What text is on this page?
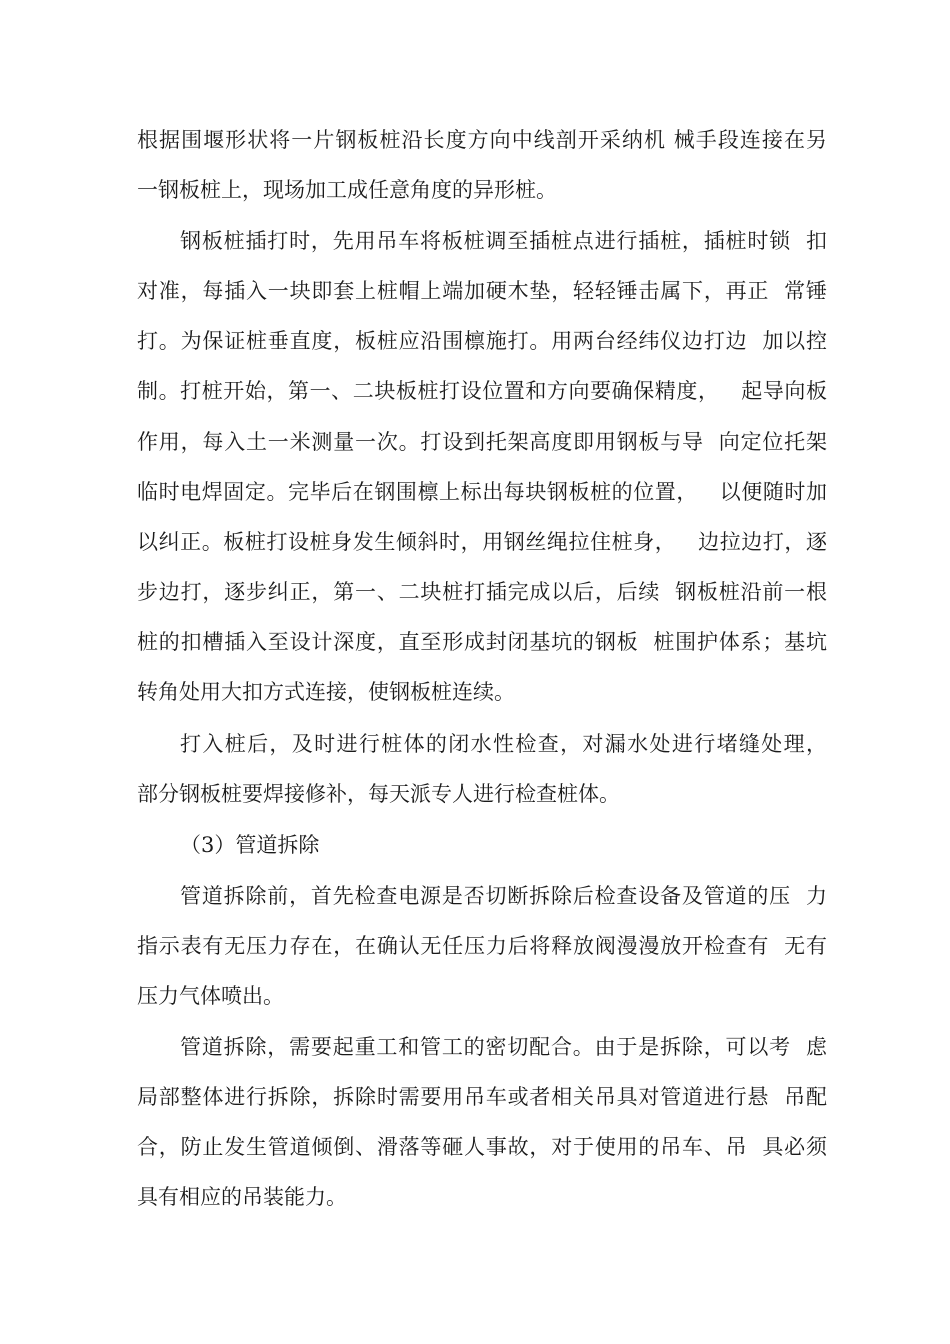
根据围堰形状将一片钢板桩沿长度方向中线剖开采纳机 械手段连接在另
一钢板桩上，现场加工成任意角度的异形桩。
钢板桩插打时，先用吊车将板桩调至插桩点进行插桩，插桩时锁  扣
对准，每插入一块即套上桩帽上端加硬木垫，轻轻锤击属下，再正  常锤
打。为保证桩垂直度，板桩应沿围檩施打。用两台经纬仪边打边  加以控
制。打桩开始，第一、二块板桩打设位置和方向要确保精度，   起导向板
作用，每入土一米测量一次。打设到托架高度即用钢板与导  向定位托架
临时电焊固定。完毕后在钢围檩上标出每块钢板桩的位置，   以便随时加
以纠正。板桩打设桩身发生倾斜时，用钢丝绳拉住桩身，   边拉边打，逐
步边打，逐步纠正，第一、二块桩打插完成以后，后续  钢板桩沿前一根
桩的扣槽插入至设计深度，直至形成封闭基坑的钢板  桩围护体系；基坑
转角处用大扣方式连接，使钢板桩连续。
打入桩后，及时进行桩体的闭水性检查，对漏水处进行堵缝处理，
部分钢板桩要焊接修补，每天派专人进行检查桩体。
（3）管道拆除
管道拆除前，首先检查电源是否切断拆除后检查设备及管道的压  力
指示表有无压力存在，在确认无任压力后将释放阀漫漫放开检查有  无有
压力气体喷出。
管道拆除，需要起重工和管工的密切配合。由于是拆除，可以考  虑
局部整体进行拆除，拆除时需要用吊车或者相关吊具对管道进行悬  吊配
合，防止发生管道倾倒、滑落等砸人事故，对于使用的吊车、吊  具必须
具有相应的吊装能力。
